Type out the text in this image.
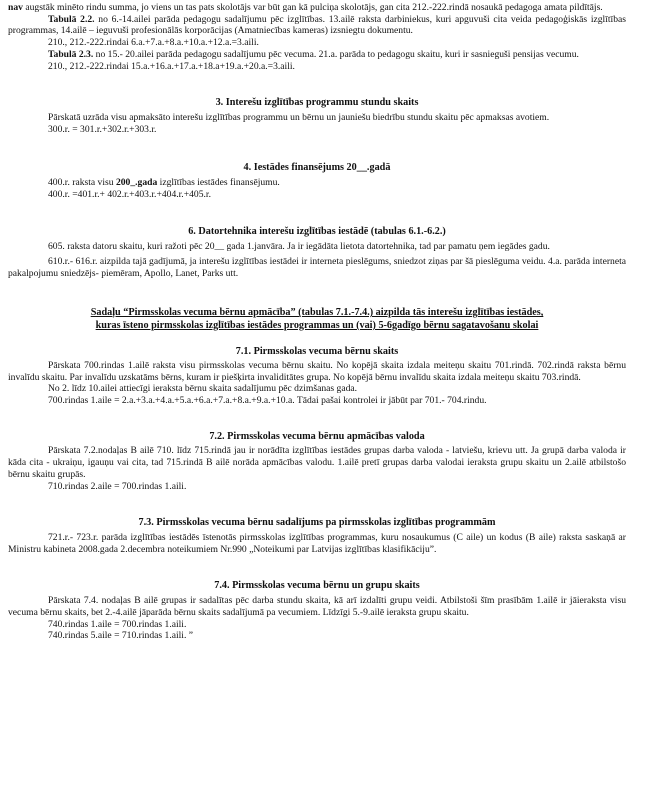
nav augstāk minēto rindu summa, jo viens un tas pats skolotājs var būt gan kā pulciņa skolotājs, gan cita 212.-222.rindā nosaukā pedagoga amata pildītājs.

Tabulā 2.2. no 6.-14.ailei parāda pedagogu sadalījumu pēc izglītības. 13.ailē raksta darbiniekus, kuri apguvuši cita veida pedagoģiskās izglītības programmas, 14.ailē – ieguvuši profesionālās korporācijas (Amatniecības kameras) izsniegtu dokumentu.

210., 212.-222.rindai 6.a.+7.a.+8.a.+10.a.+12.a.=3.aili.

Tabulā 2.3. no 15.- 20.ailei parāda pedagogu sadalījumu pēc vecuma. 21.a. parāda to pedagogu skaitu, kuri ir sasnieguši pensijas vecumu.

210., 212.-222.rindai 15.a.+16.a.+17.a.+18.a+19.a.+20.a.=3.aili.

3. Interešu izglītības programmu stundu skaits

Pārskatā uzrāda visu apmaksāto interešu izglītības programmu un bērnu un jauniešu biedrību stundu skaitu pēc apmaksas avotiem.

300.r. = 301.r.+302.r.+303.r.

4. Iestādes finansējums 20__.gadā

400.r. raksta visu 200_.gada izglītības iestādes finansējumu.

400.r. =401.r.+ 402.r.+403.r.+404.r.+405.r.

6. Datortehnika interešu izglītības iestādē (tabulas 6.1.-6.2.)

605. raksta datoru skaitu, kuri ražoti pēc 20__ gada 1.janvāra. Ja ir iegādāta lietota datortehnika, tad par pamatu ņem iegādes gadu.

610.r.- 616.r. aizpilda tajā gadījumā, ja interešu izglītības iestādei ir interneta pieslēgums, sniedzot ziņas par šā pieslēguma veidu. 4.a. parāda interneta pakalpojumu sniedzējs- piemēram, Apollo, Lanet, Parks utt.

Sadaļu “Pirmsskolas vecuma bērnu apmācība” (tabulas 7.1.-7.4.) aizpilda tās interešu izglītības iestādes,

kuras īsteno pirmsskolas izglītības iestādes programmas un (vai) 5-6gadīgo bērnu sagatavošanu skolai

7.1. Pirmsskolas vecuma bērnu skaits

Pārskata 700.rindas 1.ailē raksta visu pirmsskolas vecuma bērnu skaitu. No kopējā skaita izdala meiteņu skaitu 701.rindā. 702.rindā raksta bērnu invalīdu skaitu. Par invalīdu uzskatāms bērns, kuram ir piešķirta invaliditātes grupa. No kopējā bērnu invalīdu skaita izdala meiteņu skaitu 703.rindā.

No 2. līdz 10.ailei attiecīgi ieraksta bērnu skaita sadalījumu pēc dzimšanas gada.

700.rindas 1.aile = 2.a.+3.a.+4.a.+5.a.+6.a.+7.a.+8.a.+9.a.+10.a. Tādai pašai kontrolei ir jābūt par 701.- 704.rindu.

7.2. Pirmsskolas vecuma bērnu apmācības valoda

Pārskata 7.2.nodaļas B ailē 710. līdz 715.rindā jau ir norādīta izglītības iestādes grupas darba valoda - latviešu, krievu utt. Ja grupā darba valoda ir kāda cita - ukraiņu, igauņu vai cita, tad 715.rindā B ailē norāda apmācības valodu. 1.ailē pretī grupas darba valodai ieraksta grupu skaitu un 2.ailē atbilstošo bērnu skaitu grupās.

710.rindas 2.aile = 700.rindas 1.aili.

7.3. Pirmsskolas vecuma bērnu sadalījums pa pirmsskolas izglītības programmām

721.r.- 723.r. parāda izglītības iestādēs īstenotās pirmsskolas izglītības programmas, kuru nosaukumus (C aile) un kodus (B aile) raksta saskaņā ar Ministru kabineta 2008.gada 2.decembra noteikumiem Nr.990 „Noteikumi par Latvijas izglītības klasifikāciju”.

7.4. Pirmsskolas vecuma bērnu un grupu skaits

Pārskata 7.4. nodaļas B ailē grupas ir sadalītas pēc darba stundu skaita, kā arī izdalīti grupu veidi. Atbilstoši šīm prasībām 1.ailē ir jāieraksta visu vecuma bērnu skaits, bet 2.-4.ailē jāparāda bērnu skaits sadalījumā pa vecumiem. Līdzīgi 5.-9.ailē ieraksta grupu skaitu.

740.rindas 1.aile = 700.rindas 1.aili.

740.rindas 5.aile = 710.rindas 1.aili. ”
